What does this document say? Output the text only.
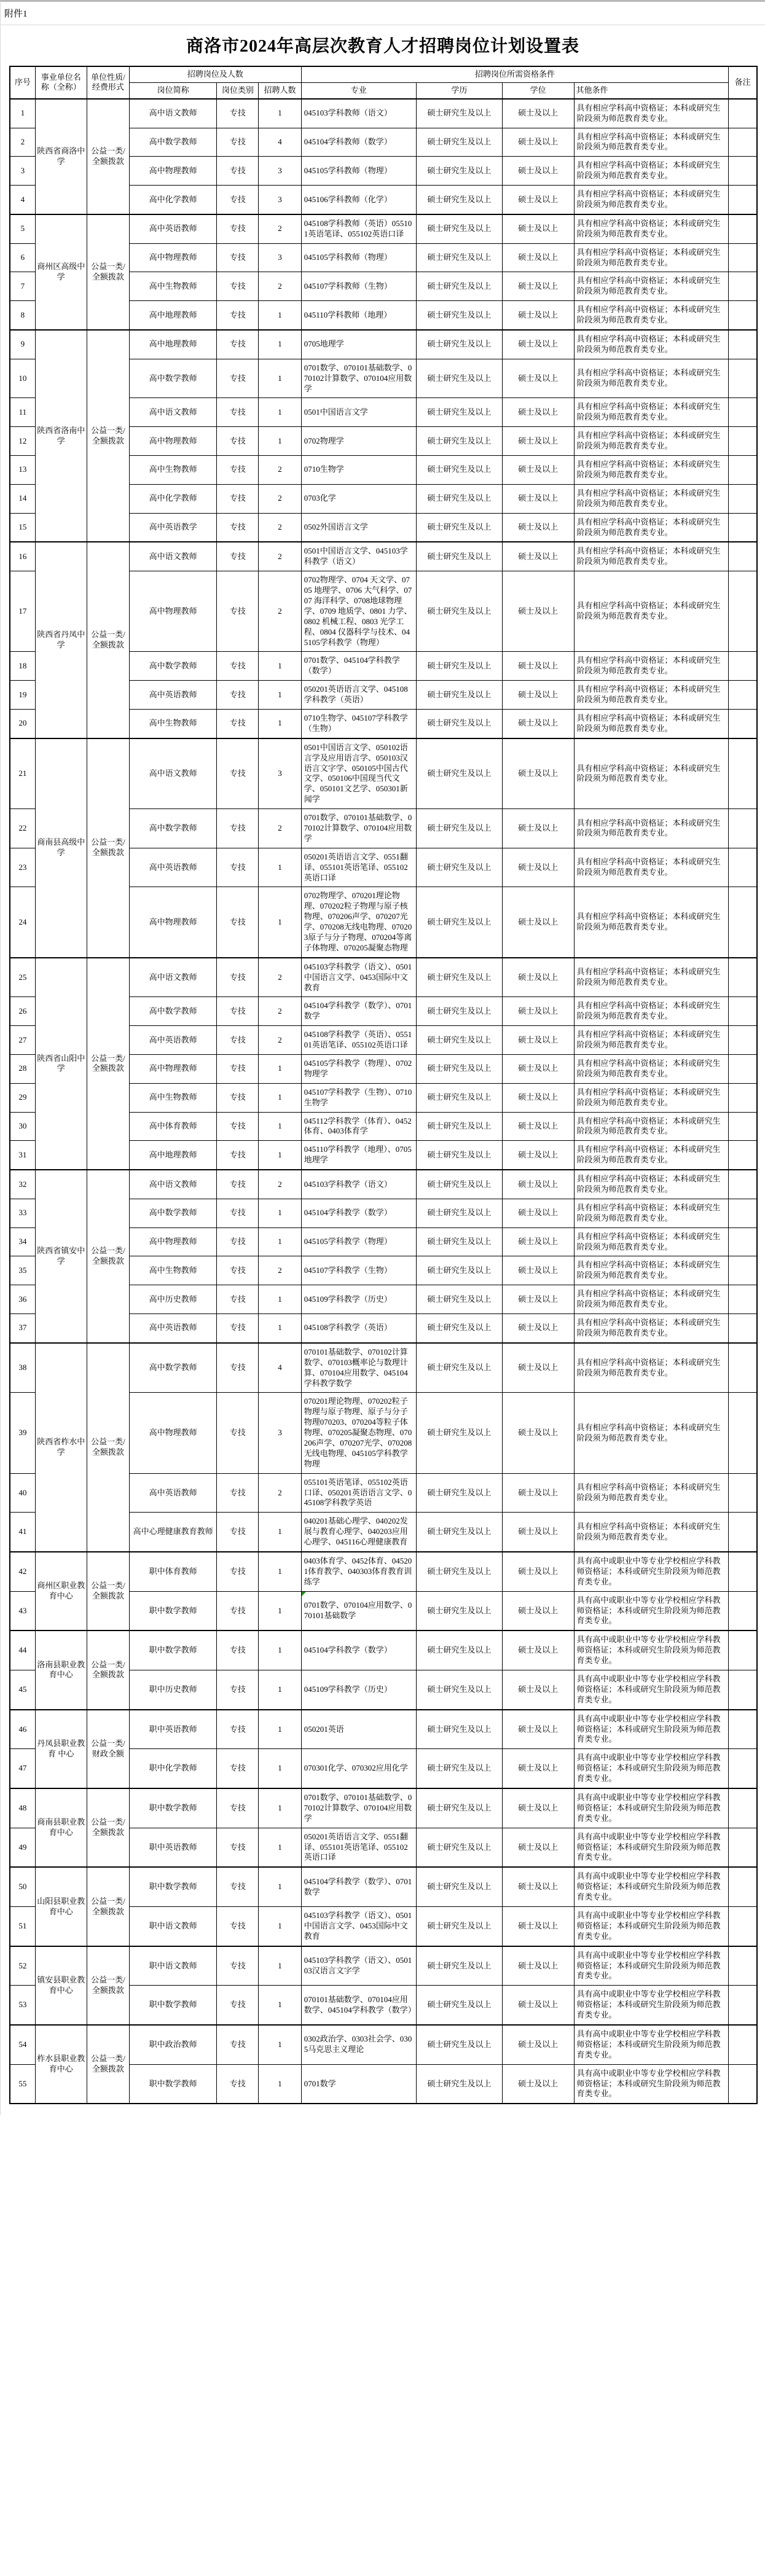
附件1
商洛市2024年高层次教育人才招聘岗位计划设置表
序号	事业单位名称（全称）	单位性质/经费形式	招聘岗位及人数			招聘岗位所需资格条件				备注
			岗位简称	岗位类别	招聘人数	专业	学历	学位	其他条件	
1	陕西省商洛中学	公益一类/全额拨款	高中语文教师	专技	1	045103学科教师（语文）	硕士研究生及以上	硕士及以上	具有相应学科高中资格证；本科或研究生阶段须为师范教育类专业。	
2			高中数学教师	专技	4	045104学科教师（数学）	硕士研究生及以上	硕士及以上	具有相应学科高中资格证；本科或研究生阶段须为师范教育类专业。	
3			高中物理教师	专技	3	045105学科教师（物理）	硕士研究生及以上	硕士及以上	具有相应学科高中资格证；本科或研究生阶段须为师范教育类专业。	
4			高中化学教师	专技	3	045106学科教师（化学）	硕士研究生及以上	硕士及以上	具有相应学科高中资格证；本科或研究生阶段须为师范教育类专业。	
5	商州区高级中学	公益一类/全额拨款	高中英语教师	专技	2	045108学科教师（英语）055101英语笔译、055102英语口译	硕士研究生及以上	硕士及以上	具有相应学科高中资格证；本科或研究生阶段须为师范教育类专业。	
6			高中物理教师	专技	3	045105学科教师（物理）	硕士研究生及以上	硕士及以上	具有相应学科高中资格证；本科或研究生阶段须为师范教育类专业。	
7			高中生物教师	专技	2	045107学科教师（生物）	硕士研究生及以上	硕士及以上	具有相应学科高中资格证；本科或研究生阶段须为师范教育类专业。	
8			高中地理教师	专技	1	045110学科教师（地理）	硕士研究生及以上	硕士及以上	具有相应学科高中资格证；本科或研究生阶段须为师范教育类专业。	
9	陕西省洛南中学	公益一类/全额拨款	高中地理教师	专技	1	0705地理学	硕士研究生及以上	硕士及以上	具有相应学科高中资格证；本科或研究生阶段须为师范教育类专业。	
10			高中数学教师	专技	1	0701数学、070101基础数学、070102计算数学、070104应用数学	硕士研究生及以上	硕士及以上	具有相应学科高中资格证；本科或研究生阶段须为师范教育类专业。	
11			高中语文教师	专技	1	0501中国语言文学	硕士研究生及以上	硕士及以上	具有相应学科高中资格证；本科或研究生阶段须为师范教育类专业。	
12			高中物理教师	专技	1	0702物理学	硕士研究生及以上	硕士及以上	具有相应学科高中资格证；本科或研究生阶段须为师范教育类专业。	
13			高中生物教师	专技	2	0710生物学	硕士研究生及以上	硕士及以上	具有相应学科高中资格证；本科或研究生阶段须为师范教育类专业。	
14			高中化学教师	专技	2	0703化学	硕士研究生及以上	硕士及以上	具有相应学科高中资格证；本科或研究生阶段须为师范教育类专业。	
15			高中英语教学	专技	2	0502外国语言文学	硕士研究生及以上	硕士及以上	具有相应学科高中资格证；本科或研究生阶段须为师范教育类专业。	
16	陕西省丹凤中学	公益一类/全额拨款	高中语文教师	专技	2	0501中国语言文学、045103学科教学（语文）	硕士研究生及以上	硕士及以上	具有相应学科高中资格证；本科或研究生阶段须为师范教育类专业。	
17			高中物理教师	专技	2	0702物理学、0704 天文学、0705 地理学、0706 大气科学、0707 海洋科学、0708地球物理学、0709 地质学、0801 力学、0802 机械工程、0803 光学工程、0804 仪器科学与技术、045105学科教学（物理）	硕士研究生及以上	硕士及以上	具有相应学科高中资格证；本科或研究生阶段须为师范教育类专业。	
18			高中数学教师	专技	1	0701数学、045104学科教学（数学）	硕士研究生及以上	硕士及以上	具有相应学科高中资格证；本科或研究生阶段须为师范教育类专业。	
19			高中英语教师	专技	1	050201英语语言文学、045108学科教学（英语）	硕士研究生及以上	硕士及以上	具有相应学科高中资格证；本科或研究生阶段须为师范教育类专业。	
20			高中生物教师	专技	1	0710生物学、045107学科教学（生物）	硕士研究生及以上	硕士及以上	具有相应学科高中资格证；本科或研究生阶段须为师范教育类专业。	
21	商南县高级中学	公益一类/全额拨款	高中语文教师	专技	3	0501中国语言文学、050102语言学及应用语言学、050103汉语言文字学、050105中国古代文学、050106中国现当代文学、050101文艺学、050301新闻学	硕士研究生及以上	硕士及以上	具有相应学科高中资格证；本科或研究生阶段须为师范教育类专业。	
22			高中数学教师	专技	2	0701数学、070101基础数学、070102计算数学、070104应用数学	硕士研究生及以上	硕士及以上	具有相应学科高中资格证；本科或研究生阶段须为师范教育类专业。	
23			高中英语教师	专技	1	050201英语语言文学、0551翻译、055101英语笔译、055102英语口译	硕士研究生及以上	硕士及以上	具有相应学科高中资格证；本科或研究生阶段须为师范教育类专业。	
24			高中物理教师	专技	1	0702物理学、070201理论物理、070202粒子物理与原子核物理、070206声学、070207光学、070208无线电物理、070203原子与分子物理、070204等离子体物理、070205凝聚态物理	硕士研究生及以上	硕士及以上	具有相应学科高中资格证；本科或研究生阶段须为师范教育类专业。	
25	陕西省山阳中学	公益一类/全额拨款	高中语文教师	专技	2	045103学科教学（语文）、0501中国语言文学、0453国际中文教育	硕士研究生及以上	硕士及以上	具有相应学科高中资格证；本科或研究生阶段须为师范教育类专业。	
26			高中数学教师	专技	2	045104学科教学（数学）、0701 数学	硕士研究生及以上	硕士及以上	具有相应学科高中资格证；本科或研究生阶段须为师范教育类专业。	
27			高中英语教师	专技	2	045108学科教学（英语）、055101英语笔译、055102英语口译	硕士研究生及以上	硕士及以上	具有相应学科高中资格证；本科或研究生阶段须为师范教育类专业。	
28			高中物理教师	专技	1	045105学科教学（物理）、0702物理学	硕士研究生及以上	硕士及以上	具有相应学科高中资格证；本科或研究生阶段须为师范教育类专业。	
29			高中生物教师	专技	1	045107学科教学（生物）、0710生物学	硕士研究生及以上	硕士及以上	具有相应学科高中资格证；本科或研究生阶段须为师范教育类专业。	
30			高中体育教师	专技	1	045112学科教学（体育）、0452体育、0403体育学	硕士研究生及以上	硕士及以上	具有相应学科高中资格证；本科或研究生阶段须为师范教育类专业。	
31			高中地理教师	专技	1	045110学科教学（地理）、0705地理学	硕士研究生及以上	硕士及以上	具有相应学科高中资格证；本科或研究生阶段须为师范教育类专业。	
32	陕西省镇安中学	公益一类/全额拨款	高中语文教师	专技	2	045103学科教学（语文）	硕士研究生及以上	硕士及以上	具有相应学科高中资格证；本科或研究生阶段须为师范教育类专业。	
33			高中数学教师	专技	1	045104学科教学（数学）	硕士研究生及以上	硕士及以上	具有相应学科高中资格证；本科或研究生阶段须为师范教育类专业。	
34			高中物理教师	专技	1	045105学科教学（物理）	硕士研究生及以上	硕士及以上	具有相应学科高中资格证；本科或研究生阶段须为师范教育类专业。	
35			高中生物教师	专技	2	045107学科教学（生物）	硕士研究生及以上	硕士及以上	具有相应学科高中资格证；本科或研究生阶段须为师范教育类专业。	
36			高中历史教师	专技	1	045109学科教学（历史）	硕士研究生及以上	硕士及以上	具有相应学科高中资格证；本科或研究生阶段须为师范教育类专业。	
37			高中英语教师	专技	1	045108学科教学（英语）	硕士研究生及以上	硕士及以上	具有相应学科高中资格证；本科或研究生阶段须为师范教育类专业。	
38	陕西省柞水中学	公益一类/全额拨款	高中数学教师	专技	4	070101基础数学、070102计算数学、070103概率论与数理计算、070104应用数学、045104学科教学数学	硕士研究生及以上	硕士及以上	具有相应学科高中资格证；本科或研究生阶段须为师范教育类专业。	
39			高中物理教师	专技	3	070201理论物理、070202粒子物理与原子物理、原子与分子物理070203、070204等粒子体物理、070205凝聚态物理、070206声学、070207光学、070208无线电物理、045105学科教学物理	硕士研究生及以上	硕士及以上	具有相应学科高中资格证；本科或研究生阶段须为师范教育类专业。	
40			高中英语教师	专技	2	055101英语笔译、055102英语口译、050201英语语言文学、045108学科教学英语	硕士研究生及以上	硕士及以上	具有相应学科高中资格证；本科或研究生阶段须为师范教育类专业。	
41			高中心理健康教育教师	专技	1	040201基础心理学、040202发展与教育心理学、040203应用心理学、045116心理健康教育	硕士研究生及以上	硕士及以上	具有相应学科高中资格证；本科或研究生阶段须为师范教育类专业。	
42	商州区职业教育中心	公益一类/全额拨款	职中体育教师	专技	1	0403体育学、0452体育、045201体育教学、040303体育教育训练学	硕士研究生及以上	硕士及以上	具有高中或职业中等专业学校相应学科教师资格证；本科或研究生阶段须为师范教育类专业。	
43			职中数学教师	专技	1	0701数学、070104应用数学、070101基础数学	硕士研究生及以上	硕士及以上	具有高中或职业中等专业学校相应学科教师资格证；本科或研究生阶段须为师范教育类专业。	
44	洛南县职业教育中心	公益一类/全额拨款	职中数学教师	专技	1	045104学科教学（数学）	硕士研究生及以上	硕士及以上	具有高中或职业中等专业学校相应学科教师资格证；本科或研究生阶段须为师范教育类专业。	
45			职中历史教师	专技	1	045109学科教学（历史）	硕士研究生及以上	硕士及以上	具有高中或职业中等专业学校相应学科教师资格证；本科或研究生阶段须为师范教育类专业。	
46	丹凤县职业教育 中心	公益一类/财政全额	职中英语教师	专技	1	050201英语	硕士研究生及以上	硕士及以上	具有高中或职业中等专业学校相应学科教师资格证；本科或研究生阶段须为师范教育类专业。	
47			职中化学教师	专技	1	070301化学、070302应用化学	硕士研究生及以上	硕士及以上	具有高中或职业中等专业学校相应学科教师资格证；本科或研究生阶段须为师范教育类专业。	
48	商南县职业教育中心	公益一类/全额拨款	职中数学教师	专技	1	0701数学、070101基础数学、070102计算数学、070104应用数学	硕士研究生及以上	硕士及以上	具有高中或职业中等专业学校相应学科教师资格证；本科或研究生阶段须为师范教育类专业。	
49			职中英语教师	专技	1	050201英语语言文学、0551翻译、055101英语笔译、055102英语口译	硕士研究生及以上	硕士及以上	具有高中或职业中等专业学校相应学科教师资格证；本科或研究生阶段须为师范教育类专业。	
50	山阳县职业教育中心	公益一类/全额拨款	职中数学教师	专技	1	045104学科教学（数学）、0701数学	硕士研究生及以上	硕士及以上	具有高中或职业中等专业学校相应学科教师资格证；本科或研究生阶段须为师范教育类专业。	
51			职中语文教师	专技	1	045103学科教学（语文）、0501中国语言文学、0453国际中文教育	硕士研究生及以上	硕士及以上	具有高中或职业中等专业学校相应学科教师资格证；本科或研究生阶段须为师范教育类专业。	
52	镇安县职业教育中心	公益一类/全额拨款	职中语文教师	专技	1	045103学科教学（语文）、050103汉语言文字学	硕士研究生及以上	硕士及以上	具有高中或职业中等专业学校相应学科教师资格证；本科或研究生阶段须为师范教育类专业。	
53			职中数学教师	专技	1	070101基础数学、070104应用数学、045104学科教学（数学）	硕士研究生及以上	硕士及以上	具有高中或职业中等专业学校相应学科教师资格证；本科或研究生阶段须为师范教育类专业。	
54	柞水县职业教育中心	公益一类/全额拨款	职中政治教师	专技	1	0302政治学、0303社会学、0305马克思主义理论	硕士研究生及以上	硕士及以上	具有高中或职业中等专业学校相应学科教师资格证；本科或研究生阶段须为师范教育类专业。	
55			职中数学教师	专技	1	0701数学	硕士研究生及以上	硕士及以上	具有高中或职业中等专业学校相应学科教师资格证；本科或研究生阶段须为师范教育类专业。	
